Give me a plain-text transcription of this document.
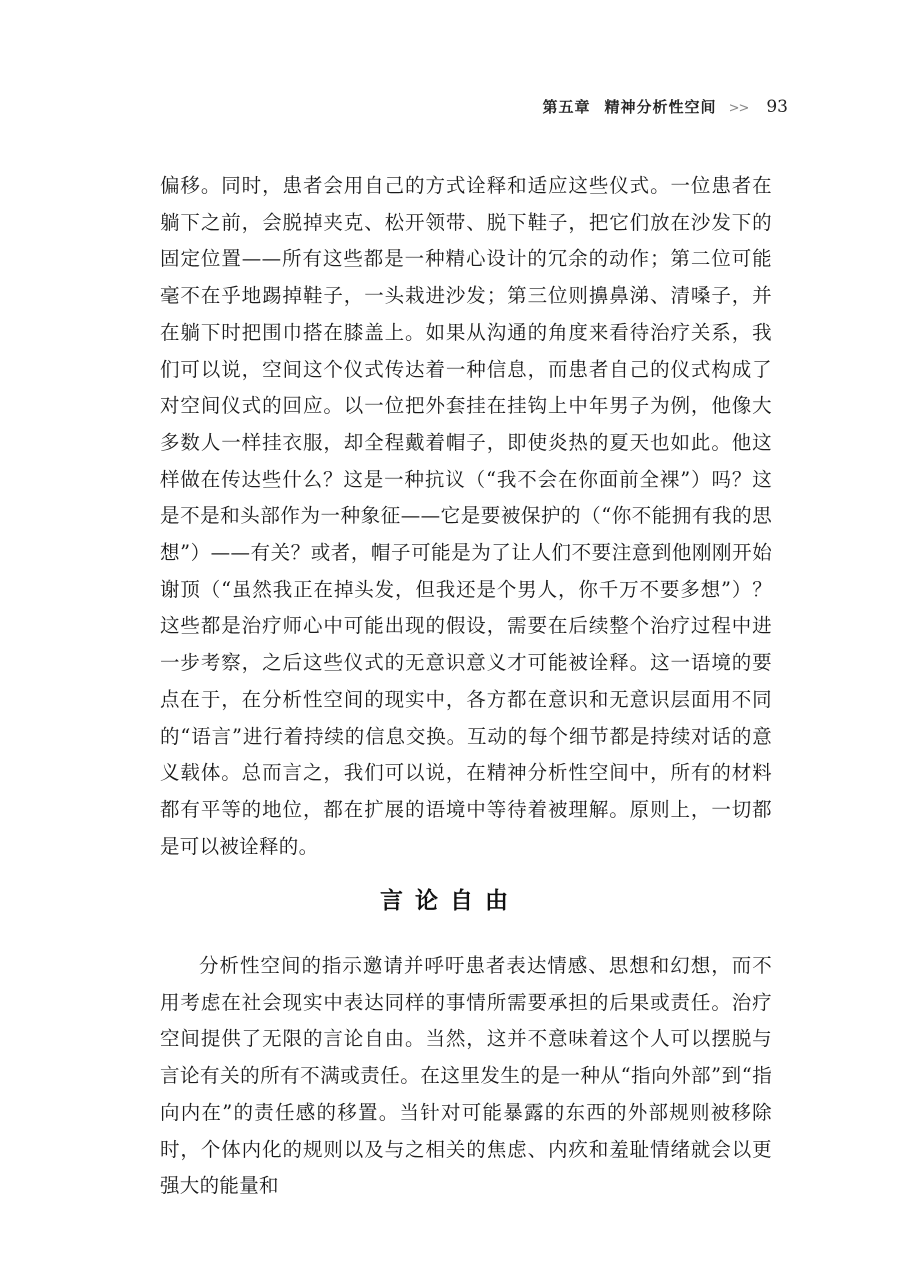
第五章 精神分析性空间 >> 93

偏移。同时，患者会用自己的方式诠释和适应这些仪式。一位患者在躺下之前，会脱掉夹克、松开领带、脱下鞋子，把它们放在沙发下的固定位置——所有这些都是一种精心设计的冗余的动作；第二位可能毫不在乎地踢掉鞋子，一头栽进沙发；第三位则擤鼻涕、清嗓子，并在躺下时把围巾搭在膝盖上。如果从沟通的角度来看待治疗关系，我们可以说，空间这个仪式传达着一种信息，而患者自己的仪式构成了对空间仪式的回应。以一位把外套挂在挂钩上中年男子为例，他像大多数人一样挂衣服，却全程戴着帽子，即使炎热的夏天也如此。他这样做在传达些什么？这是一种抗议（“我不会在你面前全裸”）吗？这是不是和头部作为一种象征——它是要被保护的（“你不能拥有我的思想”）——有关？或者，帽子可能是为了让人们不要注意到他刚刚开始谢顶（“虽然我正在掉头发，但我还是个男人，你千万不要多想”）？这些都是治疗师心中可能出现的假设，需要在后续整个治疗过程中进一步考察，之后这些仪式的无意识意义才可能被诠释。这一语境的要点在于，在分析性空间的现实中，各方都在意识和无意识层面用不同的“语言”进行着持续的信息交换。互动的每个细节都是持续对话的意义载体。总而言之，我们可以说，在精神分析性空间中，所有的材料都有平等的地位，都在扩展的语境中等待着被理解。原则上，一切都是可以被诠释的。

言论自由

分析性空间的指示邀请并呼吁患者表达情感、思想和幻想，而不用考虑在社会现实中表达同样的事情所需要承担的后果或责任。治疗空间提供了无限的言论自由。当然，这并不意味着这个人可以摆脱与言论有关的所有不满或责任。在这里发生的是一种从“指向外部”到“指向内在”的责任感的移置。当针对可能暴露的东西的外部规则被移除时，个体内化的规则以及与之相关的焦虑、内疚和羞耻情绪就会以更强大的能量和
